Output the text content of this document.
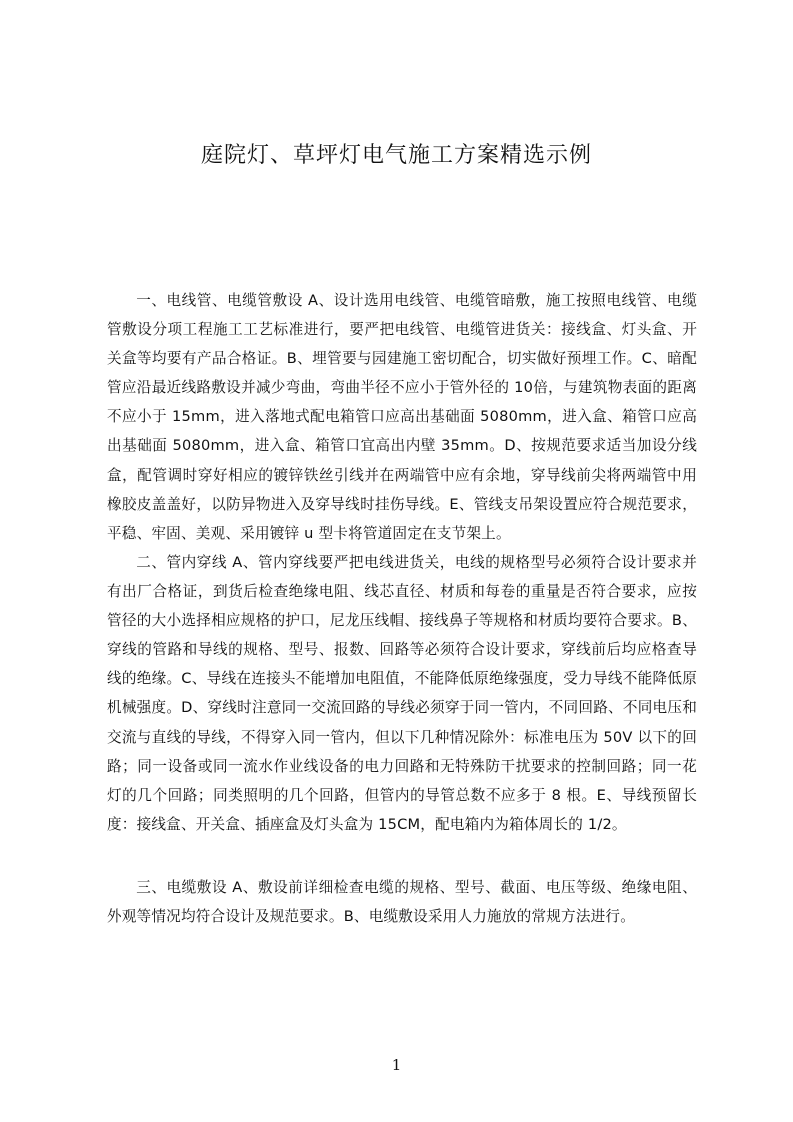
庭院灯、草坪灯电气施工方案精选示例
一、电线管、电缆管敷设 A、设计选用电线管、电缆管暗敷，施工按照电线管、电缆管敷设分项工程施工工艺标准进行，要严把电线管、电缆管进货关：接线盒、灯头盒、开关盒等均要有产品合格证。B、埋管要与园建施工密切配合，切实做好预埋工作。C、暗配管应沿最近线路敷设并减少弯曲，弯曲半径不应小于管外径的 10倍，与建筑物表面的距离不应小于 15mm，进入落地式配电箱管口应高出基础面 5080mm，进入盒、箱管口应高出基础面 5080mm，进入盒、箱管口宜高出内壁 35mm。D、按规范要求适当加设分线盒，配管调时穿好相应的镀锌铁丝引线并在两端管中应有余地，穿导线前尖将两端管中用橡胶皮盖盖好，以防异物进入及穿导线时挂伤导线。E、管线支吊架设置应符合规范要求，平稳、牢固、美观、采用镀锌 u 型卡将管道固定在支节架上。
二、管内穿线 A、管内穿线要严把电线进货关，电线的规格型号必须符合设计要求并有出厂合格证，到货后检查绝缘电阻、线芯直径、材质和每卷的重量是否符合要求，应按管径的大小选择相应规格的护口，尼龙压线帽、接线鼻子等规格和材质均要符合要求。B、穿线的管路和导线的规格、型号、报数、回路等必须符合设计要求，穿线前后均应格查导线的绝缘。C、导线在连接头不能增加电阻值，不能降低原绝缘强度，受力导线不能降低原机械强度。D、穿线时注意同一交流回路的导线必须穿于同一管内，不同回路、不同电压和交流与直线的导线，不得穿入同一管内，但以下几种情况除外：标准电压为 50V 以下的回路；同一设备或同一流水作业线设备的电力回路和无特殊防干扰要求的控制回路；同一花灯的几个回路；同类照明的几个回路，但管内的导管总数不应多于 8 根。E、导线预留长度：接线盒、开关盒、插座盒及灯头盒为 15CM，配电箱内为箱体周长的 1/2。
三、电缆敷设 A、敷设前详细检查电缆的规格、型号、截面、电压等级、绝缘电阻、外观等情况均符合设计及规范要求。B、电缆敷设采用人力施放的常规方法进行。
1
